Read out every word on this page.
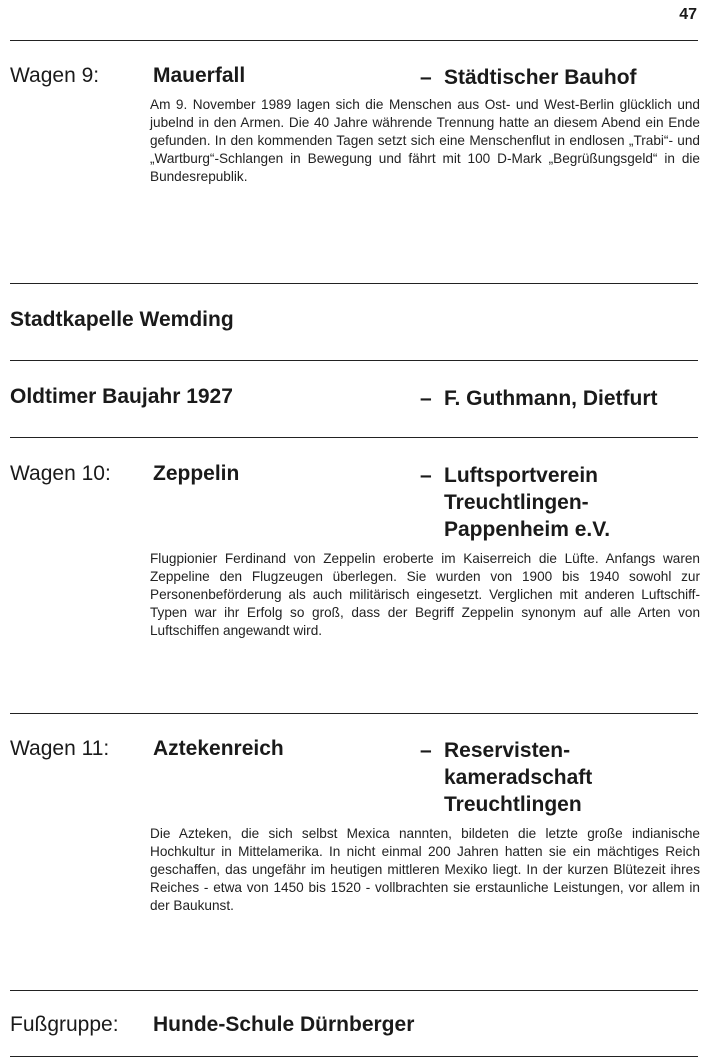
47
Wagen 9:	Mauerfall	– Städtischer Bauhof

Am 9. November 1989 lagen sich die Menschen aus Ost- und West-Berlin glücklich und jubelnd in den Armen. Die 40 Jahre währende Trennung hatte an diesem Abend ein Ende gefunden. In den kommenden Tagen setzt sich eine Menschenflut in endlosen „Trabi“- und „Wartburg“-Schlangen in Bewegung und fährt mit 100 D-Mark „Begrüßungsgeld“ in die Bundesrepublik.

Stadtkapelle Wemding
Oldtimer Baujahr 1927	– F. Guthmann, Dietfurt
Wagen 10: Zeppelin	– Luftsportverein Treuchtlingen-Pappenheim e.V.

Flugpionier Ferdinand von Zeppelin eroberte im Kaiserreich die Lüfte. Anfangs waren Zeppeline den Flugzeugen überlegen. Sie wurden von 1900 bis 1940 sowohl zur Personenbeförderung als auch militärisch eingesetzt. Verglichen mit anderen Luftschiff-Typen war ihr Erfolg so groß, dass der Begriff Zeppelin synonym auf alle Arten von Luftschiffen angewandt wird.

Wagen 11: Aztekenreich	– Reservisten-kameradschaft Treuchtlingen

Die Azteken, die sich selbst Mexica nannten, bildeten die letzte große indianische Hochkultur in Mittelamerika. In nicht einmal 200 Jahren hatten sie ein mächtiges Reich geschaffen, das ungefähr im heutigen mittleren Mexiko liegt. In der kurzen Blütezeit ihres Reiches - etwa von 1450 bis 1520 - vollbrachten sie erstaunliche Leistungen, vor allem in der Baukunst.

Fußgruppe: Hunde-Schule Dürnberger
